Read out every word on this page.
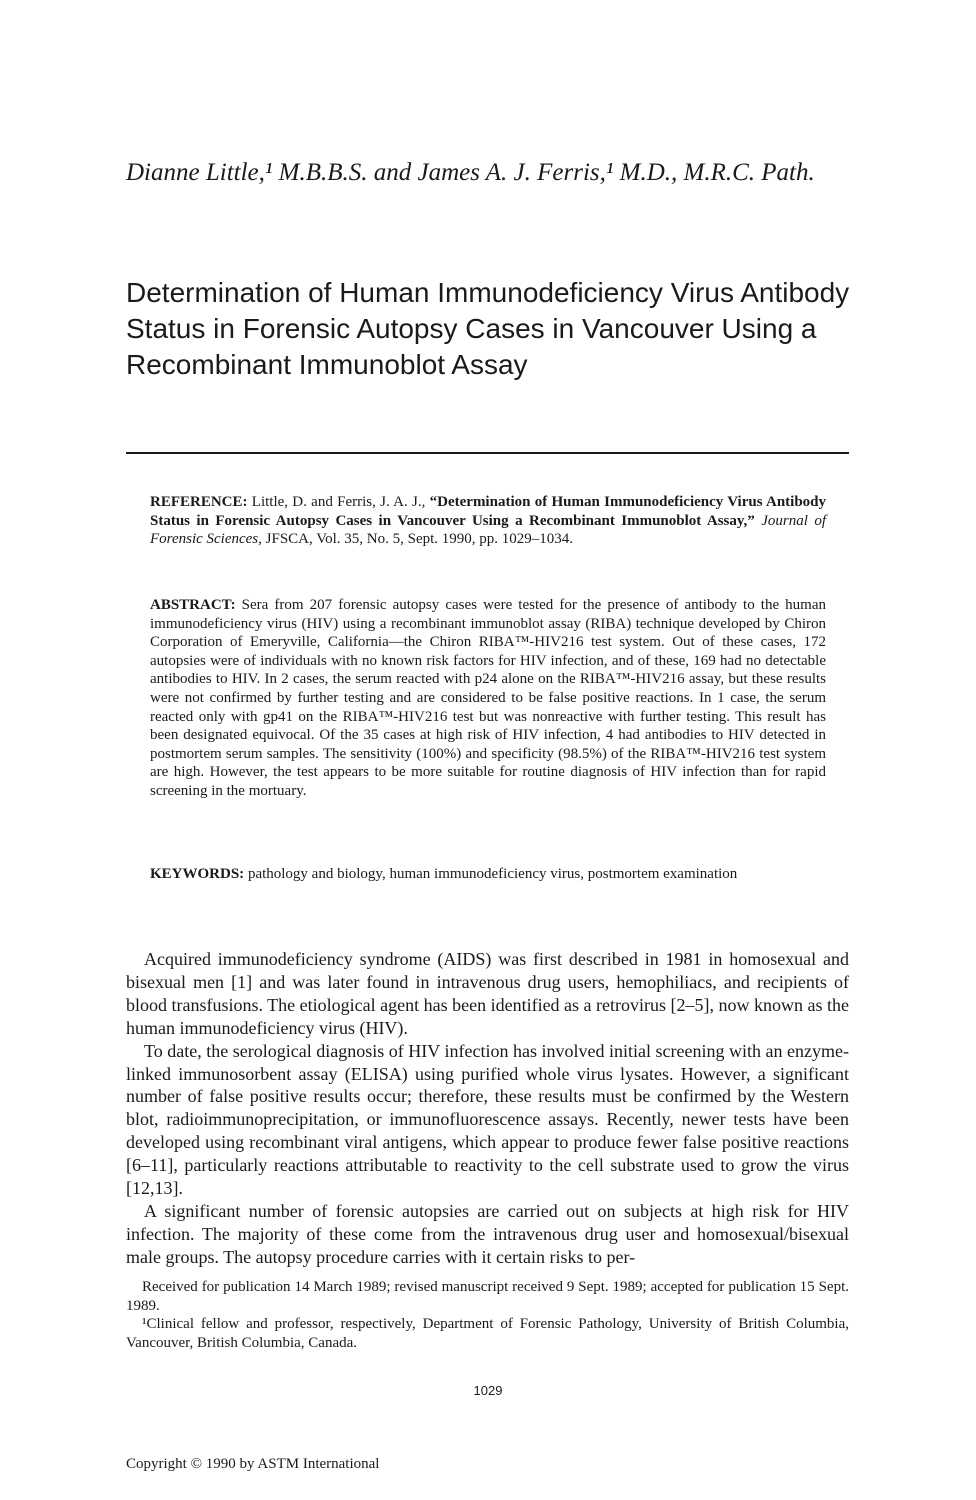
Dianne Little,¹ M.B.B.S. and James A. J. Ferris,¹ M.D., M.R.C. Path.
Determination of Human Immunodeficiency Virus Antibody Status in Forensic Autopsy Cases in Vancouver Using a Recombinant Immunoblot Assay
REFERENCE: Little, D. and Ferris, J. A. J., “Determination of Human Immunodeficiency Virus Antibody Status in Forensic Autopsy Cases in Vancouver Using a Recombinant Immunoblot Assay,” Journal of Forensic Sciences, JFSCA, Vol. 35, No. 5, Sept. 1990, pp. 1029–1034.
ABSTRACT: Sera from 207 forensic autopsy cases were tested for the presence of antibody to the human immunodeficiency virus (HIV) using a recombinant immunoblot assay (RIBA) technique developed by Chiron Corporation of Emeryville, California—the Chiron RIBA™-HIV216 test system. Out of these cases, 172 autopsies were of individuals with no known risk factors for HIV infection, and of these, 169 had no detectable antibodies to HIV. In 2 cases, the serum reacted with p24 alone on the RIBA™-HIV216 assay, but these results were not confirmed by further testing and are considered to be false positive reactions. In 1 case, the serum reacted only with gp41 on the RIBA™-HIV216 test but was nonreactive with further testing. This result has been designated equivocal. Of the 35 cases at high risk of HIV infection, 4 had antibodies to HIV detected in postmortem serum samples. The sensitivity (100%) and specificity (98.5%) of the RIBA™-HIV216 test system are high. However, the test appears to be more suitable for routine diagnosis of HIV infection than for rapid screening in the mortuary.
KEYWORDS: pathology and biology, human immunodeficiency virus, postmortem examination

Acquired immunodeficiency syndrome (AIDS) was first described in 1981 in homosexual and bisexual men [1] and was later found in intravenous drug users, hemophiliacs, and recipients of blood transfusions. The etiological agent has been identified as a retrovirus [2–5], now known as the human immunodeficiency virus (HIV).

To date, the serological diagnosis of HIV infection has involved initial screening with an enzyme-linked immunosorbent assay (ELISA) using purified whole virus lysates. However, a significant number of false positive results occur; therefore, these results must be confirmed by the Western blot, radioimmunoprecipitation, or immunofluorescence assays. Recently, newer tests have been developed using recombinant viral antigens, which appear to produce fewer false positive reactions [6–11], particularly reactions attributable to reactivity to the cell substrate used to grow the virus [12,13].

A significant number of forensic autopsies are carried out on subjects at high risk for HIV infection. The majority of these come from the intravenous drug user and homosexual/bisexual male groups. The autopsy procedure carries with it certain risks to per-

Received for publication 14 March 1989; revised manuscript received 9 Sept. 1989; accepted for publication 15 Sept. 1989.

¹Clinical fellow and professor, respectively, Department of Forensic Pathology, University of British Columbia, Vancouver, British Columbia, Canada.

1029
Copyright © 1990 by ASTM International
